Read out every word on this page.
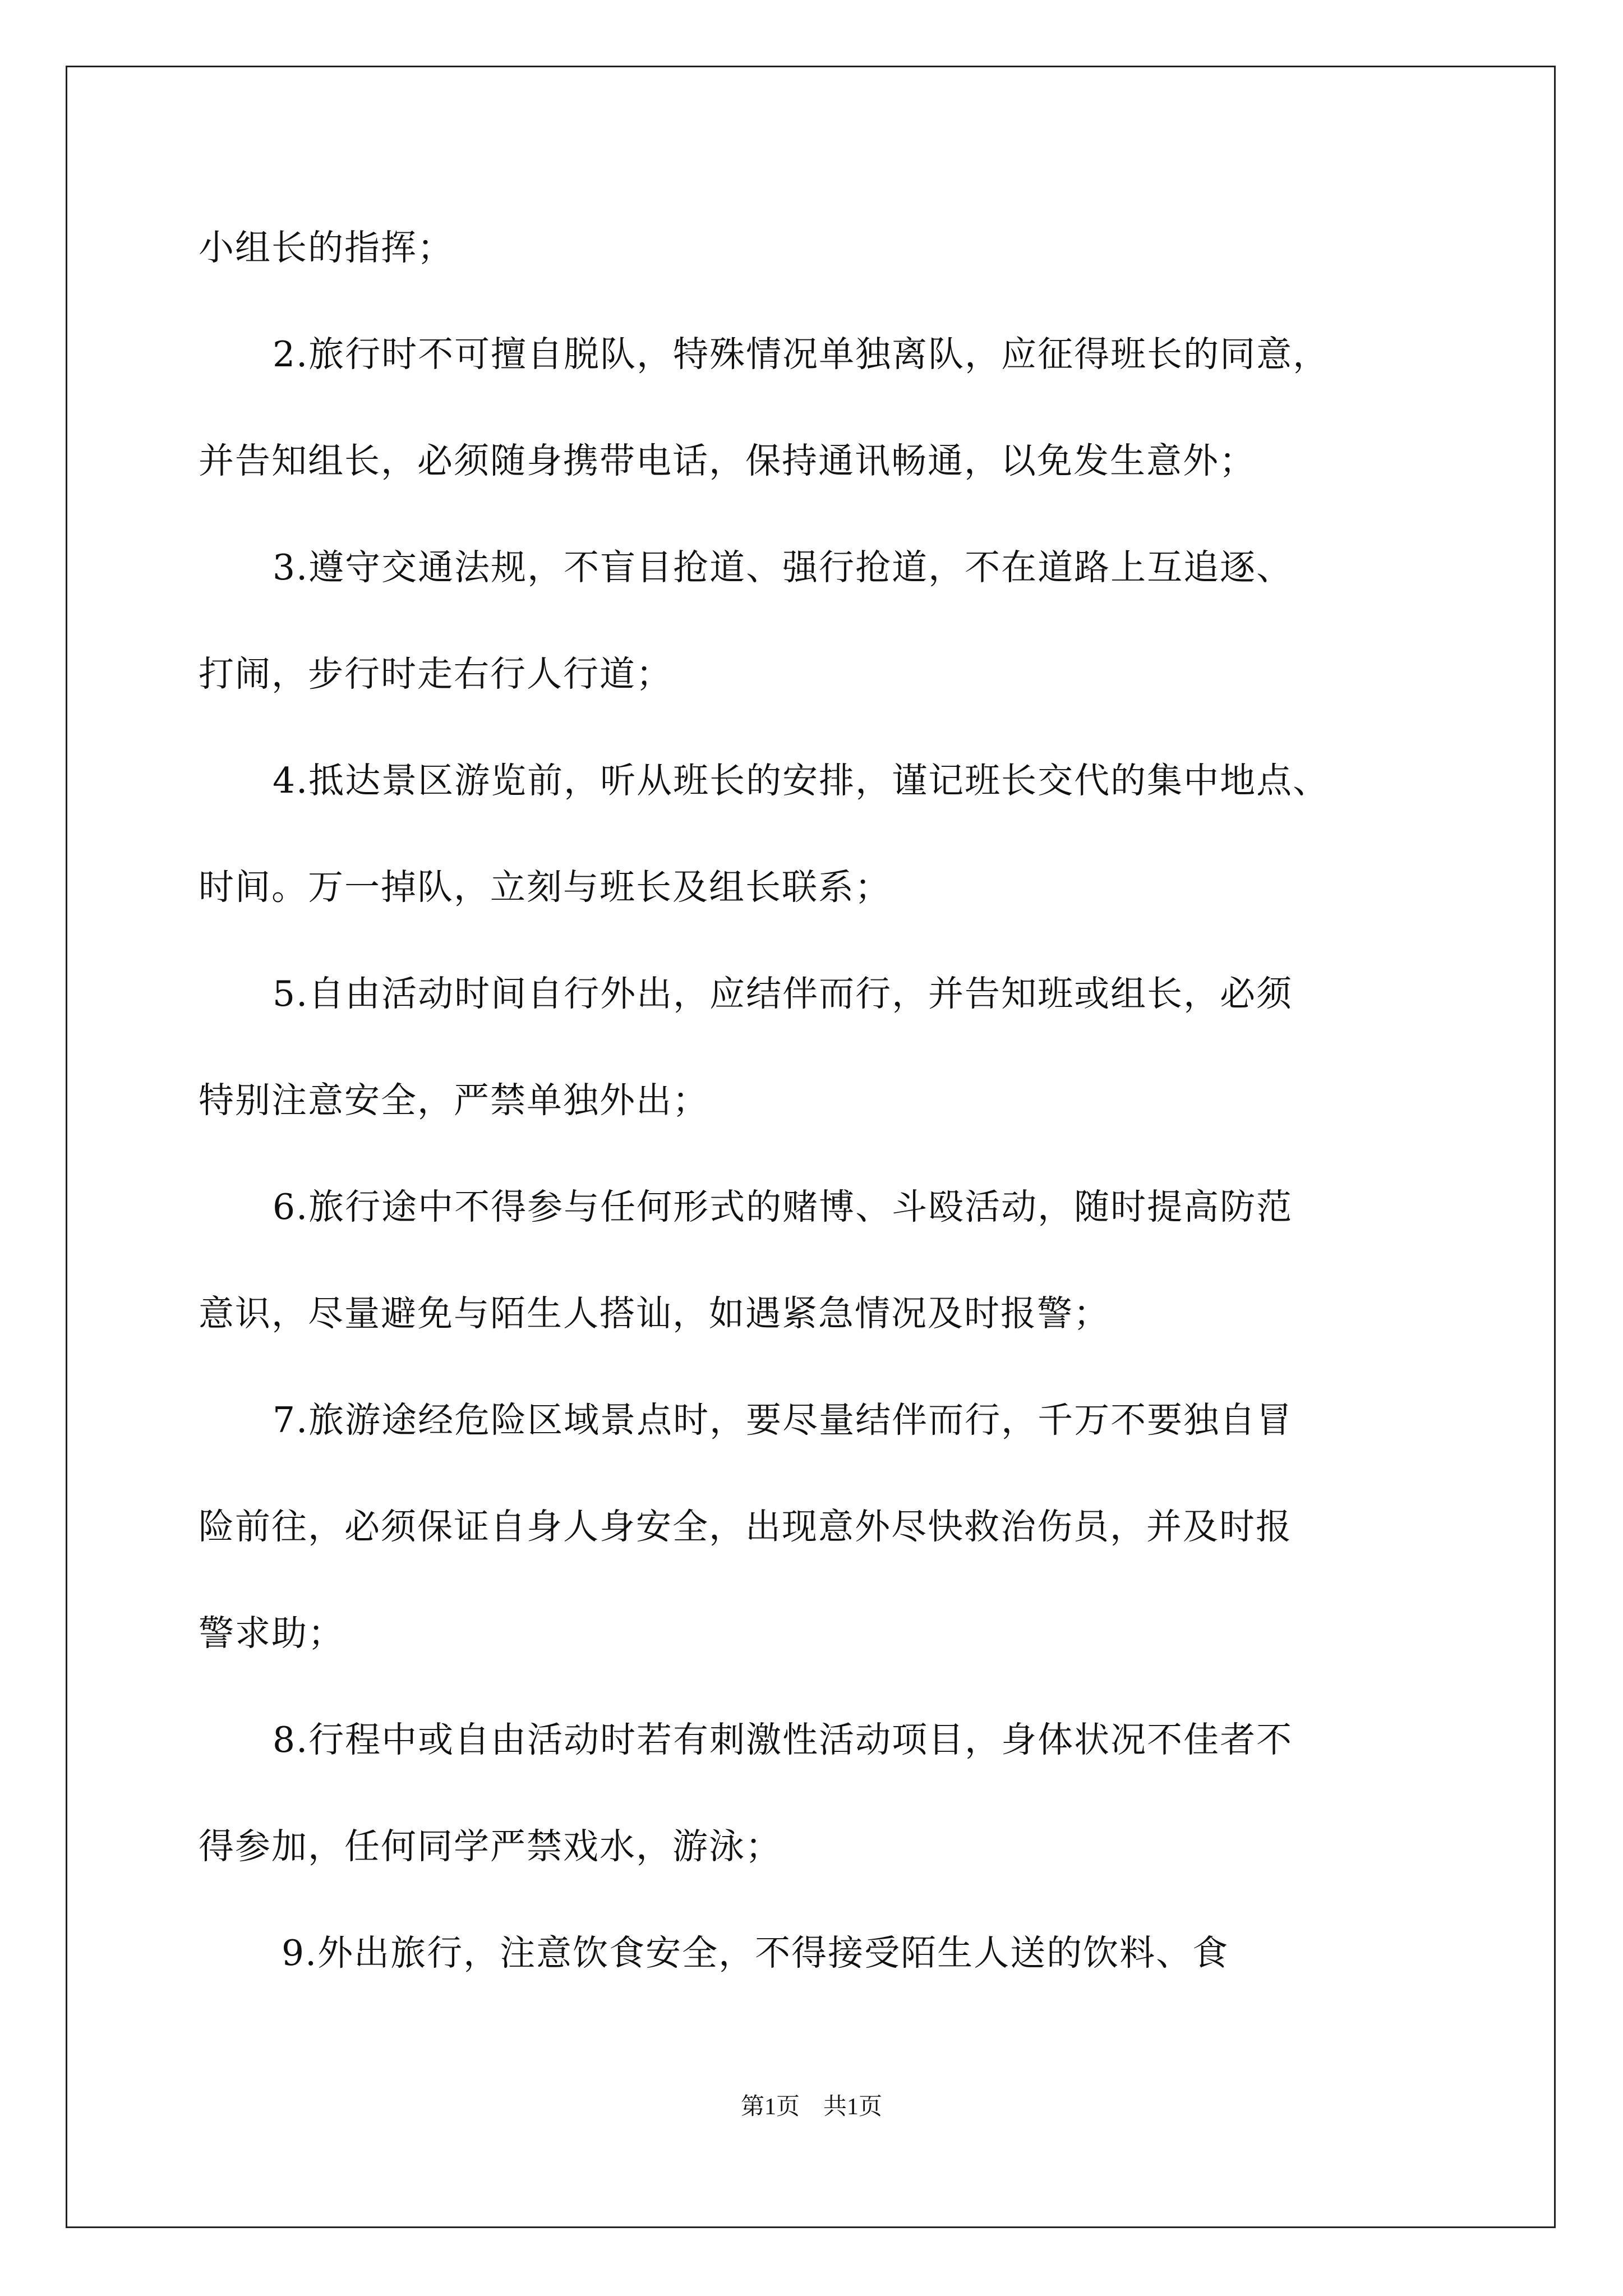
小组长的指挥；
2.旅行时不可擅自脱队，特殊情况单独离队，应征得班长的同意，
并告知组长，必须随身携带电话，保持通讯畅通，以免发生意外；
3.遵守交通法规，不盲目抢道、强行抢道，不在道路上互追逐、
打闹，步行时走右行人行道；
4.抵达景区游览前，听从班长的安排，谨记班长交代的集中地点、
时间。万一掉队，立刻与班长及组长联系；
5.自由活动时间自行外出，应结伴而行，并告知班或组长，必须
特别注意安全，严禁单独外出；
6.旅行途中不得参与任何形式的赌博、斗殴活动，随时提高防范
意识，尽量避免与陌生人搭讪，如遇紧急情况及时报警；
7.旅游途经危险区域景点时，要尽量结伴而行，千万不要独自冒
险前往，必须保证自身人身安全，出现意外尽快救治伤员，并及时报
警求助；
8.行程中或自由活动时若有刺激性活动项目，身体状况不佳者不
得参加，任何同学严禁戏水，游泳；
9.外出旅行，注意饮食安全，不得接受陌生人送的饮料、食
第1页　共1页
